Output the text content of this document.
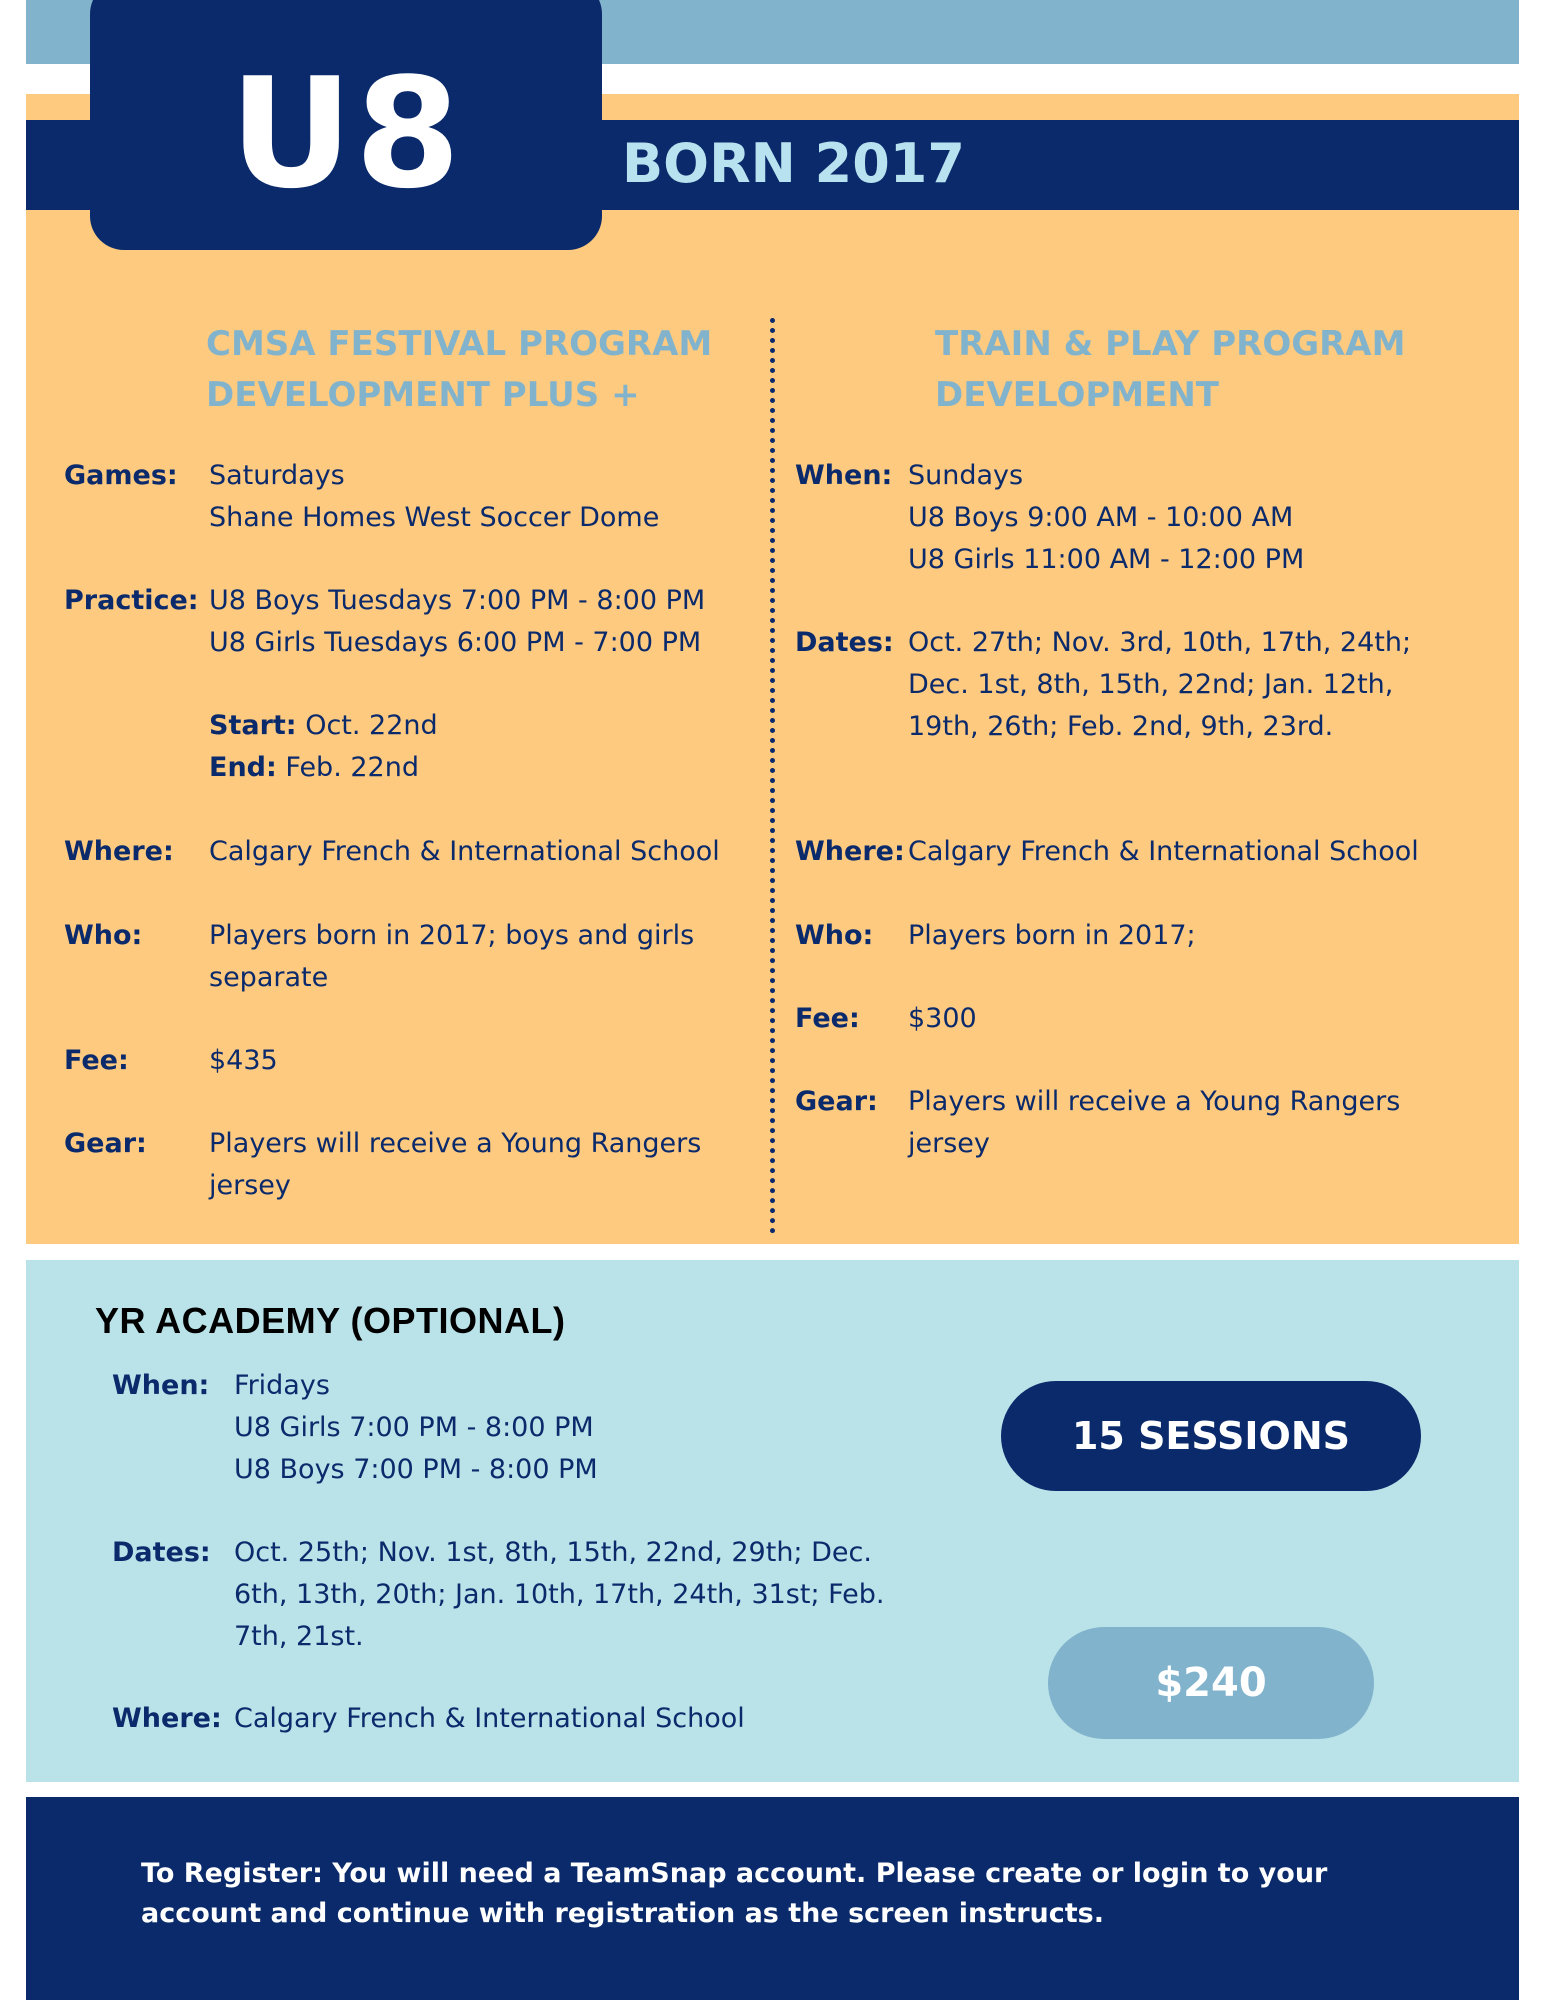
U8	BORN 2017
CMSA FESTIVAL PROGRAM
DEVELOPMENT PLUS +
Games: Saturdays
Shane Homes West Soccer Dome
Practice: U8 Boys Tuesdays 7:00 PM - 8:00 PM
U8 Girls Tuesdays 6:00 PM - 7:00 PM
Start: Oct. 22nd
End: Feb. 22nd
Where: Calgary French & International School
Who: Players born in 2017; boys and girls
separate
Fee:	$435
Gear: Players will receive a Young Rangers
jersey
TRAIN & PLAY PROGRAM
DEVELOPMENT
When: Sundays
U8 Boys 9:00 AM - 10:00 AM
U8 Girls 11:00 AM - 12:00 PM
Dates: Oct. 27th; Nov. 3rd, 10th, 17th, 24th;
Dec. 1st, 8th, 15th, 22nd; Jan. 12th,
19th, 26th; Feb. 2nd, 9th, 23rd.
Where: Calgary French & International School
Who: Players born in 2017;
Fee: $300
Gear: Players will receive a Young Rangers
jersey
YR ACADEMY (OPTIONAL)
When: Fridays
U8 Girls 7:00 PM - 8:00 PM
U8 Boys 7:00 PM - 8:00 PM
Dates: Oct. 25th; Nov. 1st, 8th, 15th, 22nd, 29th; Dec.
6th, 13th, 20th; Jan. 10th, 17th, 24th, 31st; Feb.
7th, 21st.
Where: Calgary French & International School
15 SESSIONS
$240
To Register: You will need a TeamSnap account. Please create or login to your account and continue with registration as the screen instructs.
